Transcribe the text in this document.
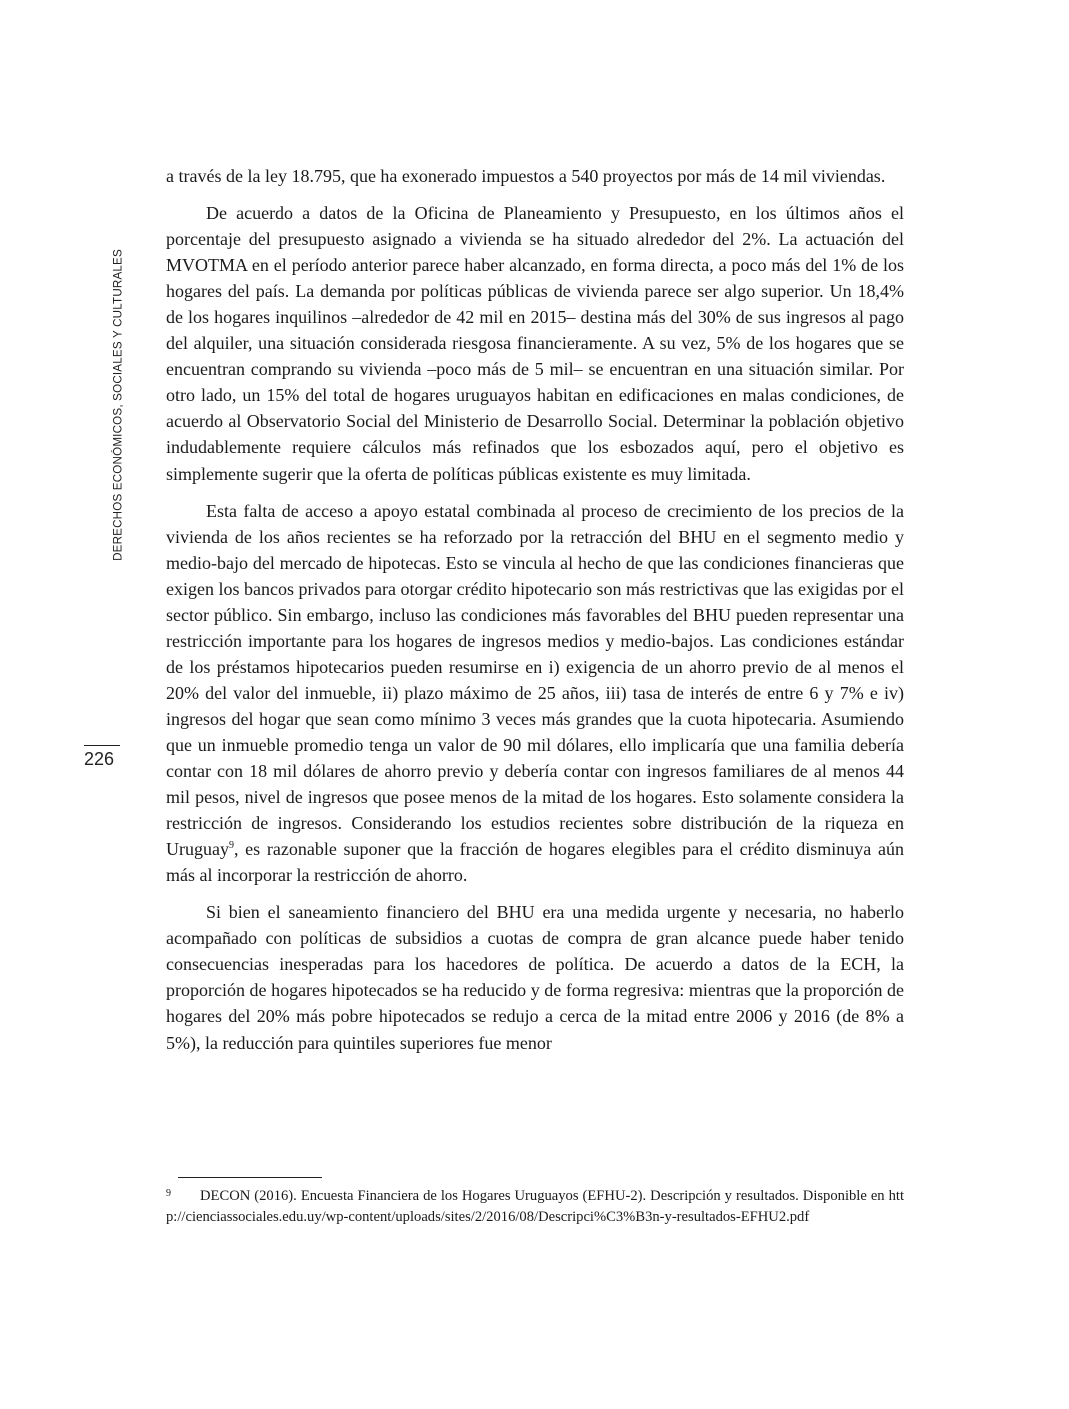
DERECHOS ECONÓMICOS, SOCIALES Y CULTURALES
226

a través de la ley 18.795, que ha exonerado impuestos a 540 proyectos por más de 14 mil viviendas.

De acuerdo a datos de la Oficina de Planeamiento y Presupuesto, en los últimos años el porcentaje del presupuesto asignado a vivienda se ha situado alrededor del 2%. La actuación del MVOTMA en el período anterior parece haber alcanzado, en forma directa, a poco más del 1% de los hogares del país. La demanda por políticas públicas de vivienda parece ser algo superior. Un 18,4% de los hogares inquilinos –alrededor de 42 mil en 2015– destina más del 30% de sus ingresos al pago del alquiler, una situación considerada riesgosa financieramente. A su vez, 5% de los hogares que se encuentran comprando su vivienda –poco más de 5 mil– se encuentran en una situación similar. Por otro lado, un 15% del total de hogares uruguayos habitan en edificaciones en malas condiciones, de acuerdo al Observatorio Social del Ministerio de Desarrollo Social. Determinar la población objetivo indudablemente requiere cálculos más refinados que los esbozados aquí, pero el objetivo es simplemente sugerir que la oferta de políticas públicas existente es muy limitada.

Esta falta de acceso a apoyo estatal combinada al proceso de crecimiento de los precios de la vivienda de los años recientes se ha reforzado por la retracción del BHU en el segmento medio y medio-bajo del mercado de hipotecas. Esto se vincula al hecho de que las condiciones financieras que exigen los bancos privados para otorgar crédito hipotecario son más restrictivas que las exigidas por el sector público. Sin embargo, incluso las condiciones más favorables del BHU pueden representar una restricción importante para los hogares de ingresos medios y medio-bajos. Las condiciones estándar de los préstamos hipotecarios pueden resumirse en i) exigencia de un ahorro previo de al menos el 20% del valor del inmueble, ii) plazo máximo de 25 años, iii) tasa de interés de entre 6 y 7% e iv) ingresos del hogar que sean como mínimo 3 veces más grandes que la cuota hipotecaria. Asumiendo que un inmueble promedio tenga un valor de 90 mil dólares, ello implicaría que una familia debería contar con 18 mil dólares de ahorro previo y debería contar con ingresos familiares de al menos 44 mil pesos, nivel de ingresos que posee menos de la mitad de los hogares. Esto solamente considera la restricción de ingresos. Considerando los estudios recientes sobre distribución de la riqueza en Uruguay$^9$, es razonable suponer que la fracción de hogares elegibles para el crédito disminuya aún más al incorporar la restricción de ahorro.

Si bien el saneamiento financiero del BHU era una medida urgente y necesaria, no haberlo acompañado con políticas de subsidios a cuotas de compra de gran alcance puede haber tenido consecuencias inesperadas para los hacedores de política. De acuerdo a datos de la ECH, la proporción de hogares hipotecados se ha reducido y de forma regresiva: mientras que la proporción de hogares del 20% más pobre hipotecados se redujo a cerca de la mitad entre 2006 y 2016 (de 8% a 5%), la reducción para quintiles superiores fue menor

9 DECON (2016). Encuesta Financiera de los Hogares Uruguayos (EFHU-2). Descripción y resultados. Disponible en http://cienciassociales.edu.uy/wp-content/uploads/sites/2/2016/08/Descripci%C3%B3n-y-resultados-EFHU2.pdf
